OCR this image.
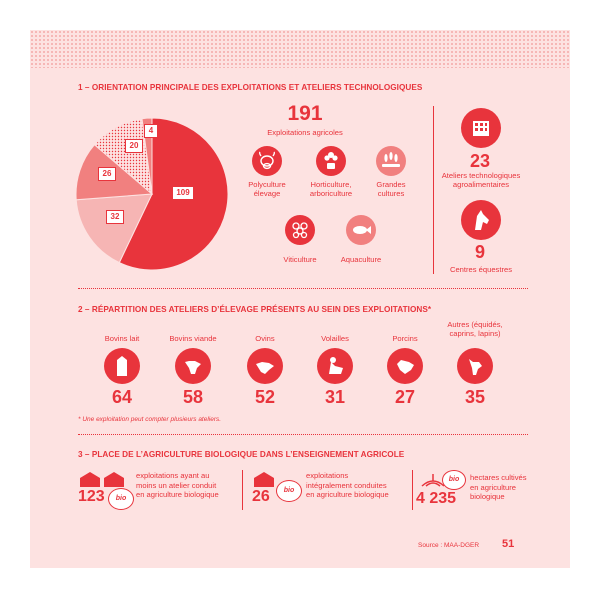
1 – ORIENTATION PRINCIPALE DES EXPLOITATIONS ET ATELIERS TECHNOLOGIQUES
109
32
26
20
4
191
Exploitations agricoles
Polyculture
élevage
Horticulture,
arboriculture
Grandes
cultures
Viticulture	Aquaculture
23
Ateliers technologiques
agroalimentaires
9
Centres équestres
2 – RÉPARTITION DES ATELIERS D’ÉLEVAGE PRÉSENTS AU SEIN DES EXPLOITATIONS*
Bovins lait
64
Bovins viande
58
Ovins
52
Volailles
31
Porcins
27
Autres (équidés,
caprins, lapins)
35
* Une exploitation peut compter plusieurs ateliers.
3 – PLACE DE L’AGRICULTURE BIOLOGIQUE DANS L’ENSEIGNEMENT AGRICOLE
123	bio
exploitations ayant au
moins un atelier conduit
en agriculture biologique 26	bio
exploitations
intégralement conduites
en agriculture biologique
bio
4 235
hectares cultivés
en agriculture
biologique
Source : MAA-DGER 51
